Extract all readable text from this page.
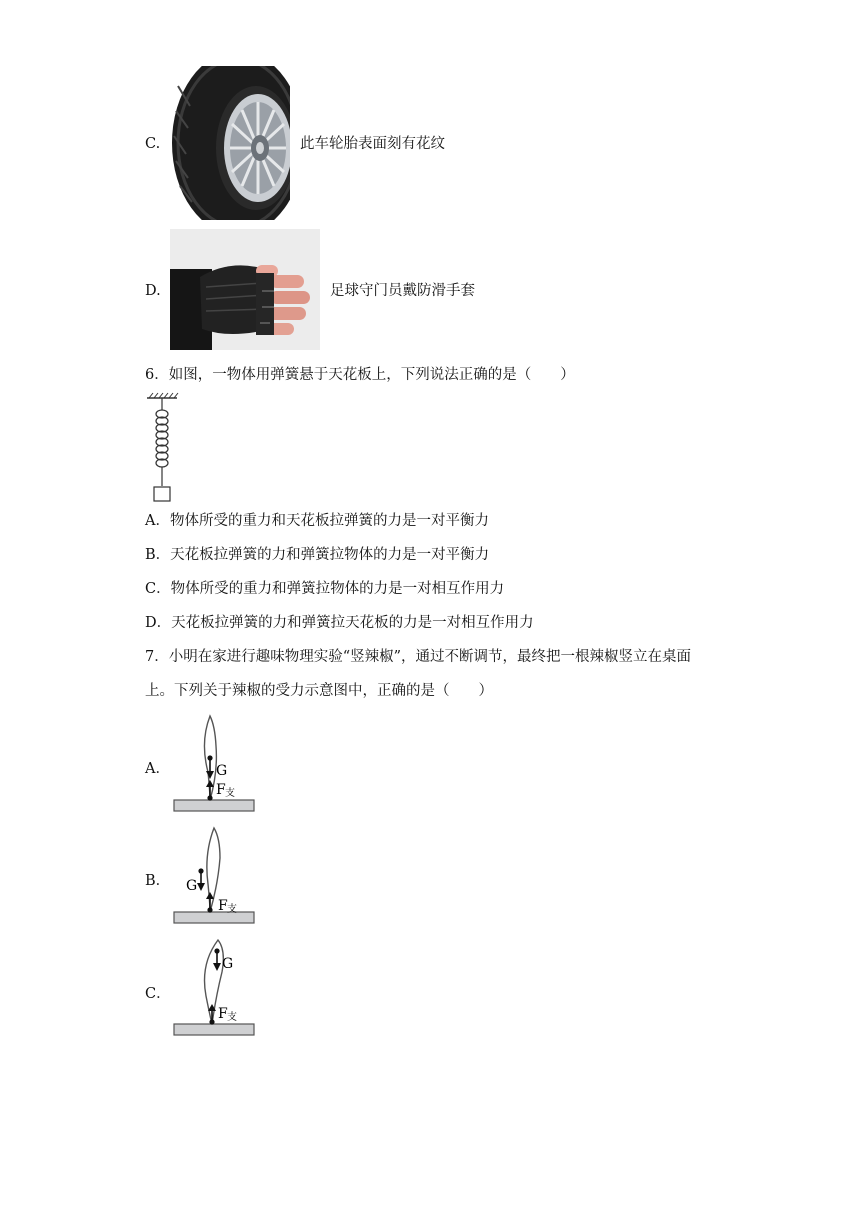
C.	此车轮胎表面刻有花纹
D.	足球守门员戴防滑手套
6．如图，一物体用弹簧悬于天花板上，下列说法正确的是（　　）
A．物体所受的重力和天花板拉弹簧的力是一对平衡力
B．天花板拉弹簧的力和弹簧拉物体的力是一对平衡力
C．物体所受的重力和弹簧拉物体的力是一对相互作用力
D．天花板拉弹簧的力和弹簧拉天花板的力是一对相互作用力
7．小明在家进行趣味物理实验“竖辣椒”，通过不断调节，最终把一根辣椒竖立在桌面
上。下列关于辣椒的受力示意图中，正确的是（　　）
A．	G
F 支
B． G
F 支
C．
G
F 支
